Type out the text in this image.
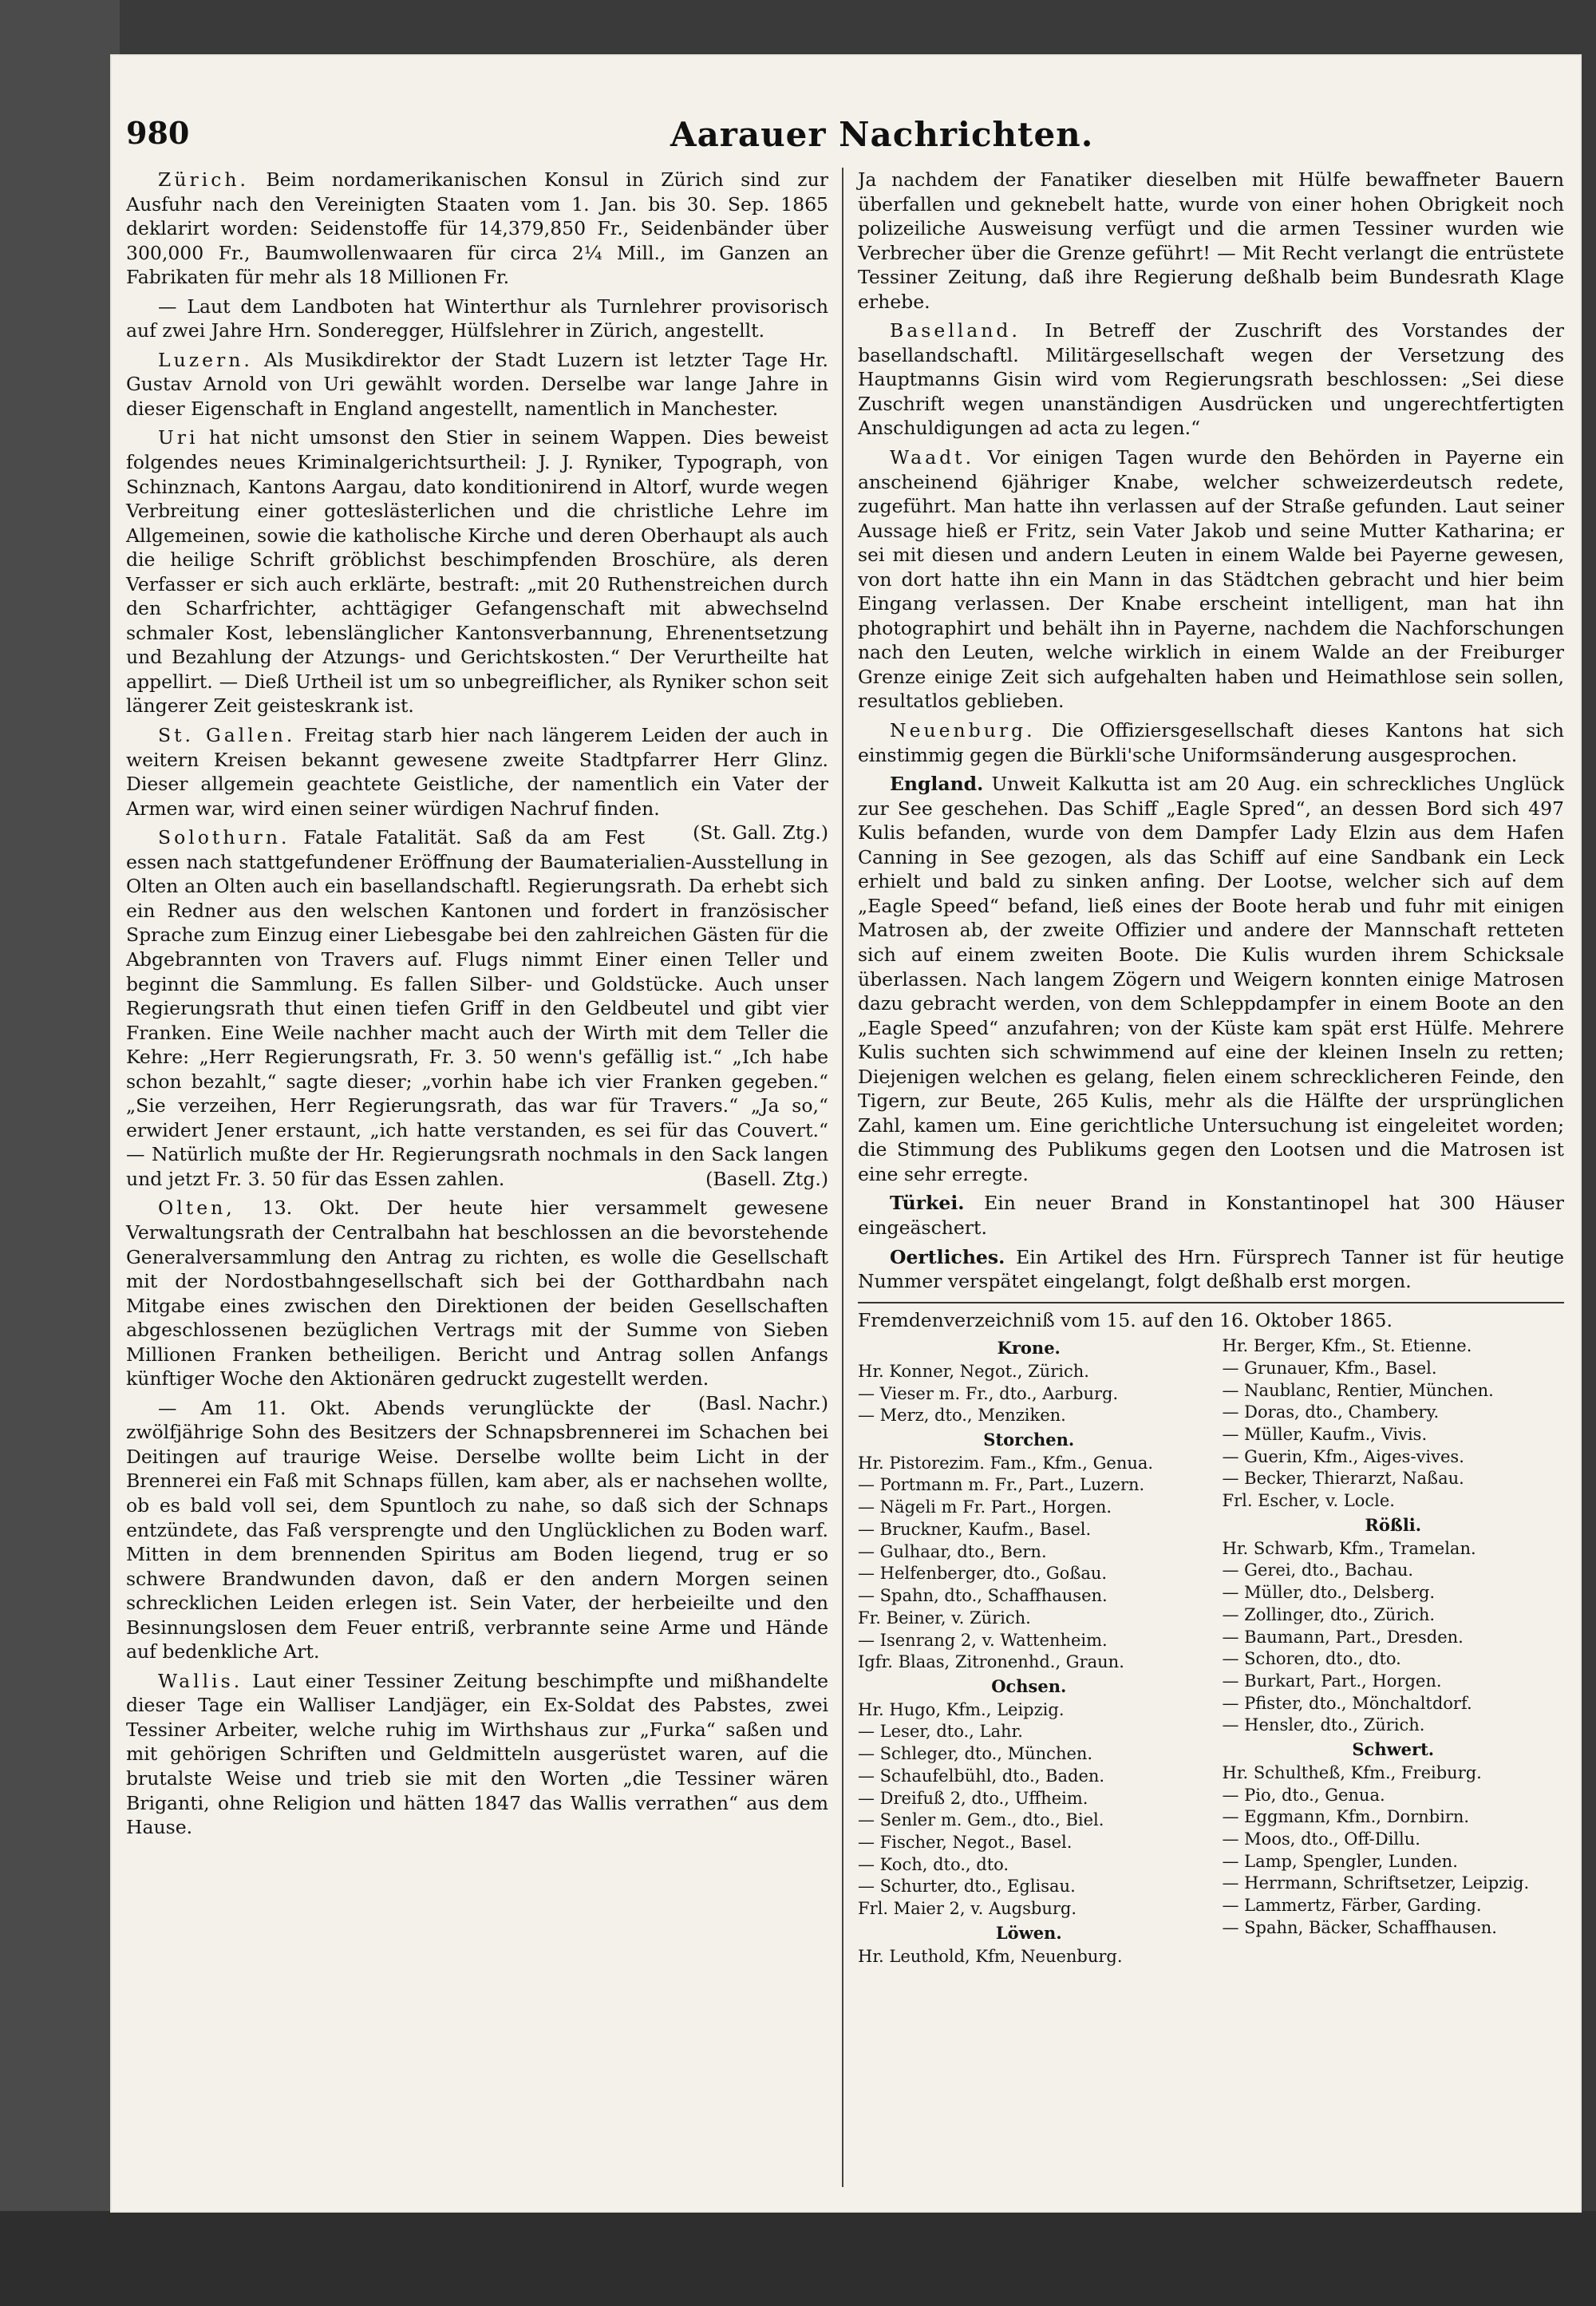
980	Aarauer Nachrichten.

Zürich. Beim nordamerikanischen Konsul in Zürich sind zur Ausfuhr nach den Vereinigten Staaten vom 1. Jan. bis 30. Sep. 1865 deklarirt worden: Seidenstoffe für 14,379,850 Fr., Seidenbänder über 300,000 Fr., Baumwollenwaaren für circa 2¼ Mill., im Ganzen an Fabrikaten für mehr als 18 Millionen Fr.

— Laut dem Landboten hat Winterthur als Turnlehrer provisorisch auf zwei Jahre Hrn. Sonderegger, Hülfslehrer in Zürich, angestellt.

Luzern. Als Musikdirektor der Stadt Luzern ist letzter Tage Hr. Gustav Arnold von Uri gewählt worden. Derselbe war lange Jahre in dieser Eigenschaft in England angestellt, namentlich in Manchester.

Uri hat nicht umsonst den Stier in seinem Wappen. Dies beweist folgendes neues Kriminalgerichtsurtheil: J. J. Ryniker, Typograph, von Schinznach, Kantons Aargau, dato konditionirend in Altorf, wurde wegen Verbreitung einer gotteslästerlichen und die christliche Lehre im Allgemeinen, sowie die katholische Kirche und deren Oberhaupt als auch die heilige Schrift gröblichst beschimpfenden Broschüre, als deren Verfasser er sich auch erklärte, bestraft: „mit 20 Ruthenstreichen durch den Scharfrichter, achttägiger Gefangenschaft mit abwechselnd schmaler Kost, lebenslänglicher Kantonsverbannung, Ehrenentsetzung und Bezahlung der Atzungs- und Gerichtskosten.“ Der Verurtheilte hat appellirt. — Dieß Urtheil ist um so unbegreiflicher, als Ryniker schon seit längerer Zeit geisteskrank ist.

St. Gallen. Freitag starb hier nach längerem Leiden der auch in weitern Kreisen bekannt gewesene zweite Stadtpfarrer Herr Glinz. Dieser allgemein geachtete Geistliche, der namentlich ein Vater der Armen war, wird einen seiner würdigen Nachruf finden.
(St. Gall. Ztg.)

Solothurn. Fatale Fatalität. Saß da am Fest essen nach stattgefundener Eröffnung der Baumaterialien-Ausstellung in Olten an Olten auch ein basellandschaftl. Regierungsrath. Da erhebt sich ein Redner aus den welschen Kantonen und fordert in französischer Sprache zum Einzug einer Liebesgabe bei den zahlreichen Gästen für die Abgebrannten von Travers auf. Flugs nimmt Einer einen Teller und beginnt die Sammlung. Es fallen Silber- und Goldstücke. Auch unser Regierungsrath thut einen tiefen Griff in den Geldbeutel und gibt vier Franken. Eine Weile nachher macht auch der Wirth mit dem Teller die Kehre: „Herr Regierungsrath, Fr. 3. 50 wenn's gefällig ist.“ „Ich habe schon bezahlt,“ sagte dieser; „vorhin habe ich vier Franken gegeben.“ „Sie verzeihen, Herr Regierungsrath, das war für Travers.“ „Ja so,“ erwidert Jener erstaunt, „ich hatte verstanden, es sei für das Couvert.“ — Natürlich mußte der Hr. Regierungsrath nochmals in den Sack langen und jetzt Fr. 3. 50 für das Essen zahlen.	(Basell. Ztg.)

Olten, 13. Okt. Der heute hier versammelt gewesene Verwaltungsrath der Centralbahn hat beschlossen an die bevorstehende Generalversammlung den Antrag zu richten, es wolle die Gesellschaft mit der Nordostbahngesellschaft sich bei der Gotthardbahn nach Mitgabe eines zwischen den Direktionen der beiden Gesellschaften abgeschlossenen bezüglichen Vertrags mit der Summe von Sieben Millionen Franken betheiligen. Bericht und Antrag sollen Anfangs künftiger Woche den Aktionären gedruckt zugestellt werden.
(Basl. Nachr.)

— Am 11. Okt. Abends verunglückte der zwölfjährige Sohn des Besitzers der Schnapsbrennerei im Schachen bei Deitingen auf traurige Weise. Derselbe wollte beim Licht in der Brennerei ein Faß mit Schnaps füllen, kam aber, als er nachsehen wollte, ob es bald voll sei, dem Spuntloch zu nahe, so daß sich der Schnaps entzündete, das Faß versprengte und den Unglücklichen zu Boden warf. Mitten in dem brennenden Spiritus am Boden liegend, trug er so schwere Brandwunden davon, daß er den andern Morgen seinen schrecklichen Leiden erlegen ist. Sein Vater, der herbeieilte und den Besinnungslosen dem Feuer entriß, verbrannte seine Arme und Hände auf bedenkliche Art.

Wallis. Laut einer Tessiner Zeitung beschimpfte und mißhandelte dieser Tage ein Walliser Landjäger, ein Ex-Soldat des Pabstes, zwei Tessiner Arbeiter, welche ruhig im Wirthshaus zur „Furka“ saßen und mit gehörigen Schriften und Geldmitteln ausgerüstet waren, auf die brutalste Weise und trieb sie mit den Worten „die Tessiner wären Briganti, ohne Religion und hätten 1847 das Wallis verrathen“ aus dem Hause.

Ja nachdem der Fanatiker dieselben mit Hülfe bewaffneter Bauern überfallen und geknebelt hatte, wurde von einer hohen Obrigkeit noch polizeiliche Ausweisung verfügt und die armen Tessiner wurden wie Verbrecher über die Grenze geführt! — Mit Recht verlangt die entrüstete Tessiner Zeitung, daß ihre Regierung deßhalb beim Bundesrath Klage erhebe.

Baselland. In Betreff der Zuschrift des Vorstandes der basellandschaftl. Militärgesellschaft wegen der Versetzung des Hauptmanns Gisin wird vom Regierungsrath beschlossen: „Sei diese Zuschrift wegen unanständigen Ausdrücken und ungerechtfertigten Anschuldigungen ad acta zu legen.“

Waadt. Vor einigen Tagen wurde den Behörden in Payerne ein anscheinend 6jähriger Knabe, welcher schweizerdeutsch redete, zugeführt. Man hatte ihn verlassen auf der Straße gefunden. Laut seiner Aussage hieß er Fritz, sein Vater Jakob und seine Mutter Katharina; er sei mit diesen und andern Leuten in einem Walde bei Payerne gewesen, von dort hatte ihn ein Mann in das Städtchen gebracht und hier beim Eingang verlassen. Der Knabe erscheint intelligent, man hat ihn photographirt und behält ihn in Payerne, nachdem die Nachforschungen nach den Leuten, welche wirklich in einem Walde an der Freiburger Grenze einige Zeit sich aufgehalten haben und Heimathlose sein sollen, resultatlos geblieben.

Neuenburg. Die Offiziersgesellschaft dieses Kantons hat sich einstimmig gegen die Bürkli'sche Uniformsänderung ausgesprochen.

England. Unweit Kalkutta ist am 20 Aug. ein schreckliches Unglück zur See geschehen. Das Schiff „Eagle Spred“, an dessen Bord sich 497 Kulis befanden, wurde von dem Dampfer Lady Elzin aus dem Hafen Canning in See gezogen, als das Schiff auf eine Sandbank ein Leck erhielt und bald zu sinken anfing. Der Lootse, welcher sich auf dem „Eagle Speed“ befand, ließ eines der Boote herab und fuhr mit einigen Matrosen ab, der zweite Offizier und andere der Mannschaft retteten sich auf einem zweiten Boote. Die Kulis wurden ihrem Schicksale überlassen. Nach langem Zögern und Weigern konnten einige Matrosen dazu gebracht werden, von dem Schleppdampfer in einem Boote an den „Eagle Speed“ anzufahren; von der Küste kam spät erst Hülfe. Mehrere Kulis suchten sich schwimmend auf eine der kleinen Inseln zu retten; Diejenigen welchen es gelang, fielen einem schrecklicheren Feinde, den Tigern, zur Beute, 265 Kulis, mehr als die Hälfte der ursprünglichen Zahl, kamen um. Eine gerichtliche Untersuchung ist eingeleitet worden; die Stimmung des Publikums gegen den Lootsen und die Matrosen ist eine sehr erregte.

Türkei. Ein neuer Brand in Konstantinopel hat 300 Häuser eingeäschert.

Oertliches. Ein Artikel des Hrn. Fürsprech Tanner ist für heutige Nummer verspätet eingelangt, folgt deßhalb erst morgen.

Fremdenverzeichniß vom 15. auf den 16. Oktober 1865.
Krone.
Hr. Konner, Negot., Zürich.
— Vieser m. Fr., dto., Aarburg.
— Merz, dto., Menziken.
Storchen.
Hr. Pistorezim. Fam., Kfm., Genua.
— Portmann m. Fr., Part., Luzern.
— Nägeli m Fr. Part., Horgen.
— Bruckner, Kaufm., Basel.
— Gulhaar, dto., Bern.
— Helfenberger, dto., Goßau.
— Spahn, dto., Schaffhausen.
Fr. Beiner, v. Zürich.
— Isenrang 2, v. Wattenheim.
Igfr. Blaas, Zitronenhd., Graun.
Ochsen.
Hr. Hugo, Kfm., Leipzig.
— Leser, dto., Lahr.
— Schleger, dto., München.
— Schaufelbühl, dto., Baden.
— Dreifuß 2, dto., Uffheim.
— Senler m. Gem., dto., Biel.
— Fischer, Negot., Basel.
— Koch, dto., dto.
— Schurter, dto., Eglisau.
Frl. Maier 2, v. Augsburg.
Löwen.
Hr. Leuthold, Kfm, Neuenburg.
Hr. Berger, Kfm., St. Etienne.
— Grunauer, Kfm., Basel.
— Naublanc, Rentier, München.
— Doras, dto., Chambery.
— Müller, Kaufm., Vivis.
— Guerin, Kfm., Aiges-vives.
— Becker, Thierarzt, Naßau.
Frl. Escher, v. Locle.
Rößli.
Hr. Schwarb, Kfm., Tramelan.
— Gerei, dto., Bachau.
— Müller, dto., Delsberg.
— Zollinger, dto., Zürich.
— Baumann, Part., Dresden.
— Schoren, dto., dto.
— Burkart, Part., Horgen.
— Pfister, dto., Mönchaltdorf.
— Hensler, dto., Zürich.
Schwert.
Hr. Schultheß, Kfm., Freiburg.
— Pio, dto., Genua.
— Eggmann, Kfm., Dornbirn.
— Moos, dto., Off-Dillu.
— Lamp, Spengler, Lunden.
— Herrmann, Schriftsetzer, Leipzig.
— Lammertz, Färber, Garding.
— Spahn, Bäcker, Schaffhausen.
